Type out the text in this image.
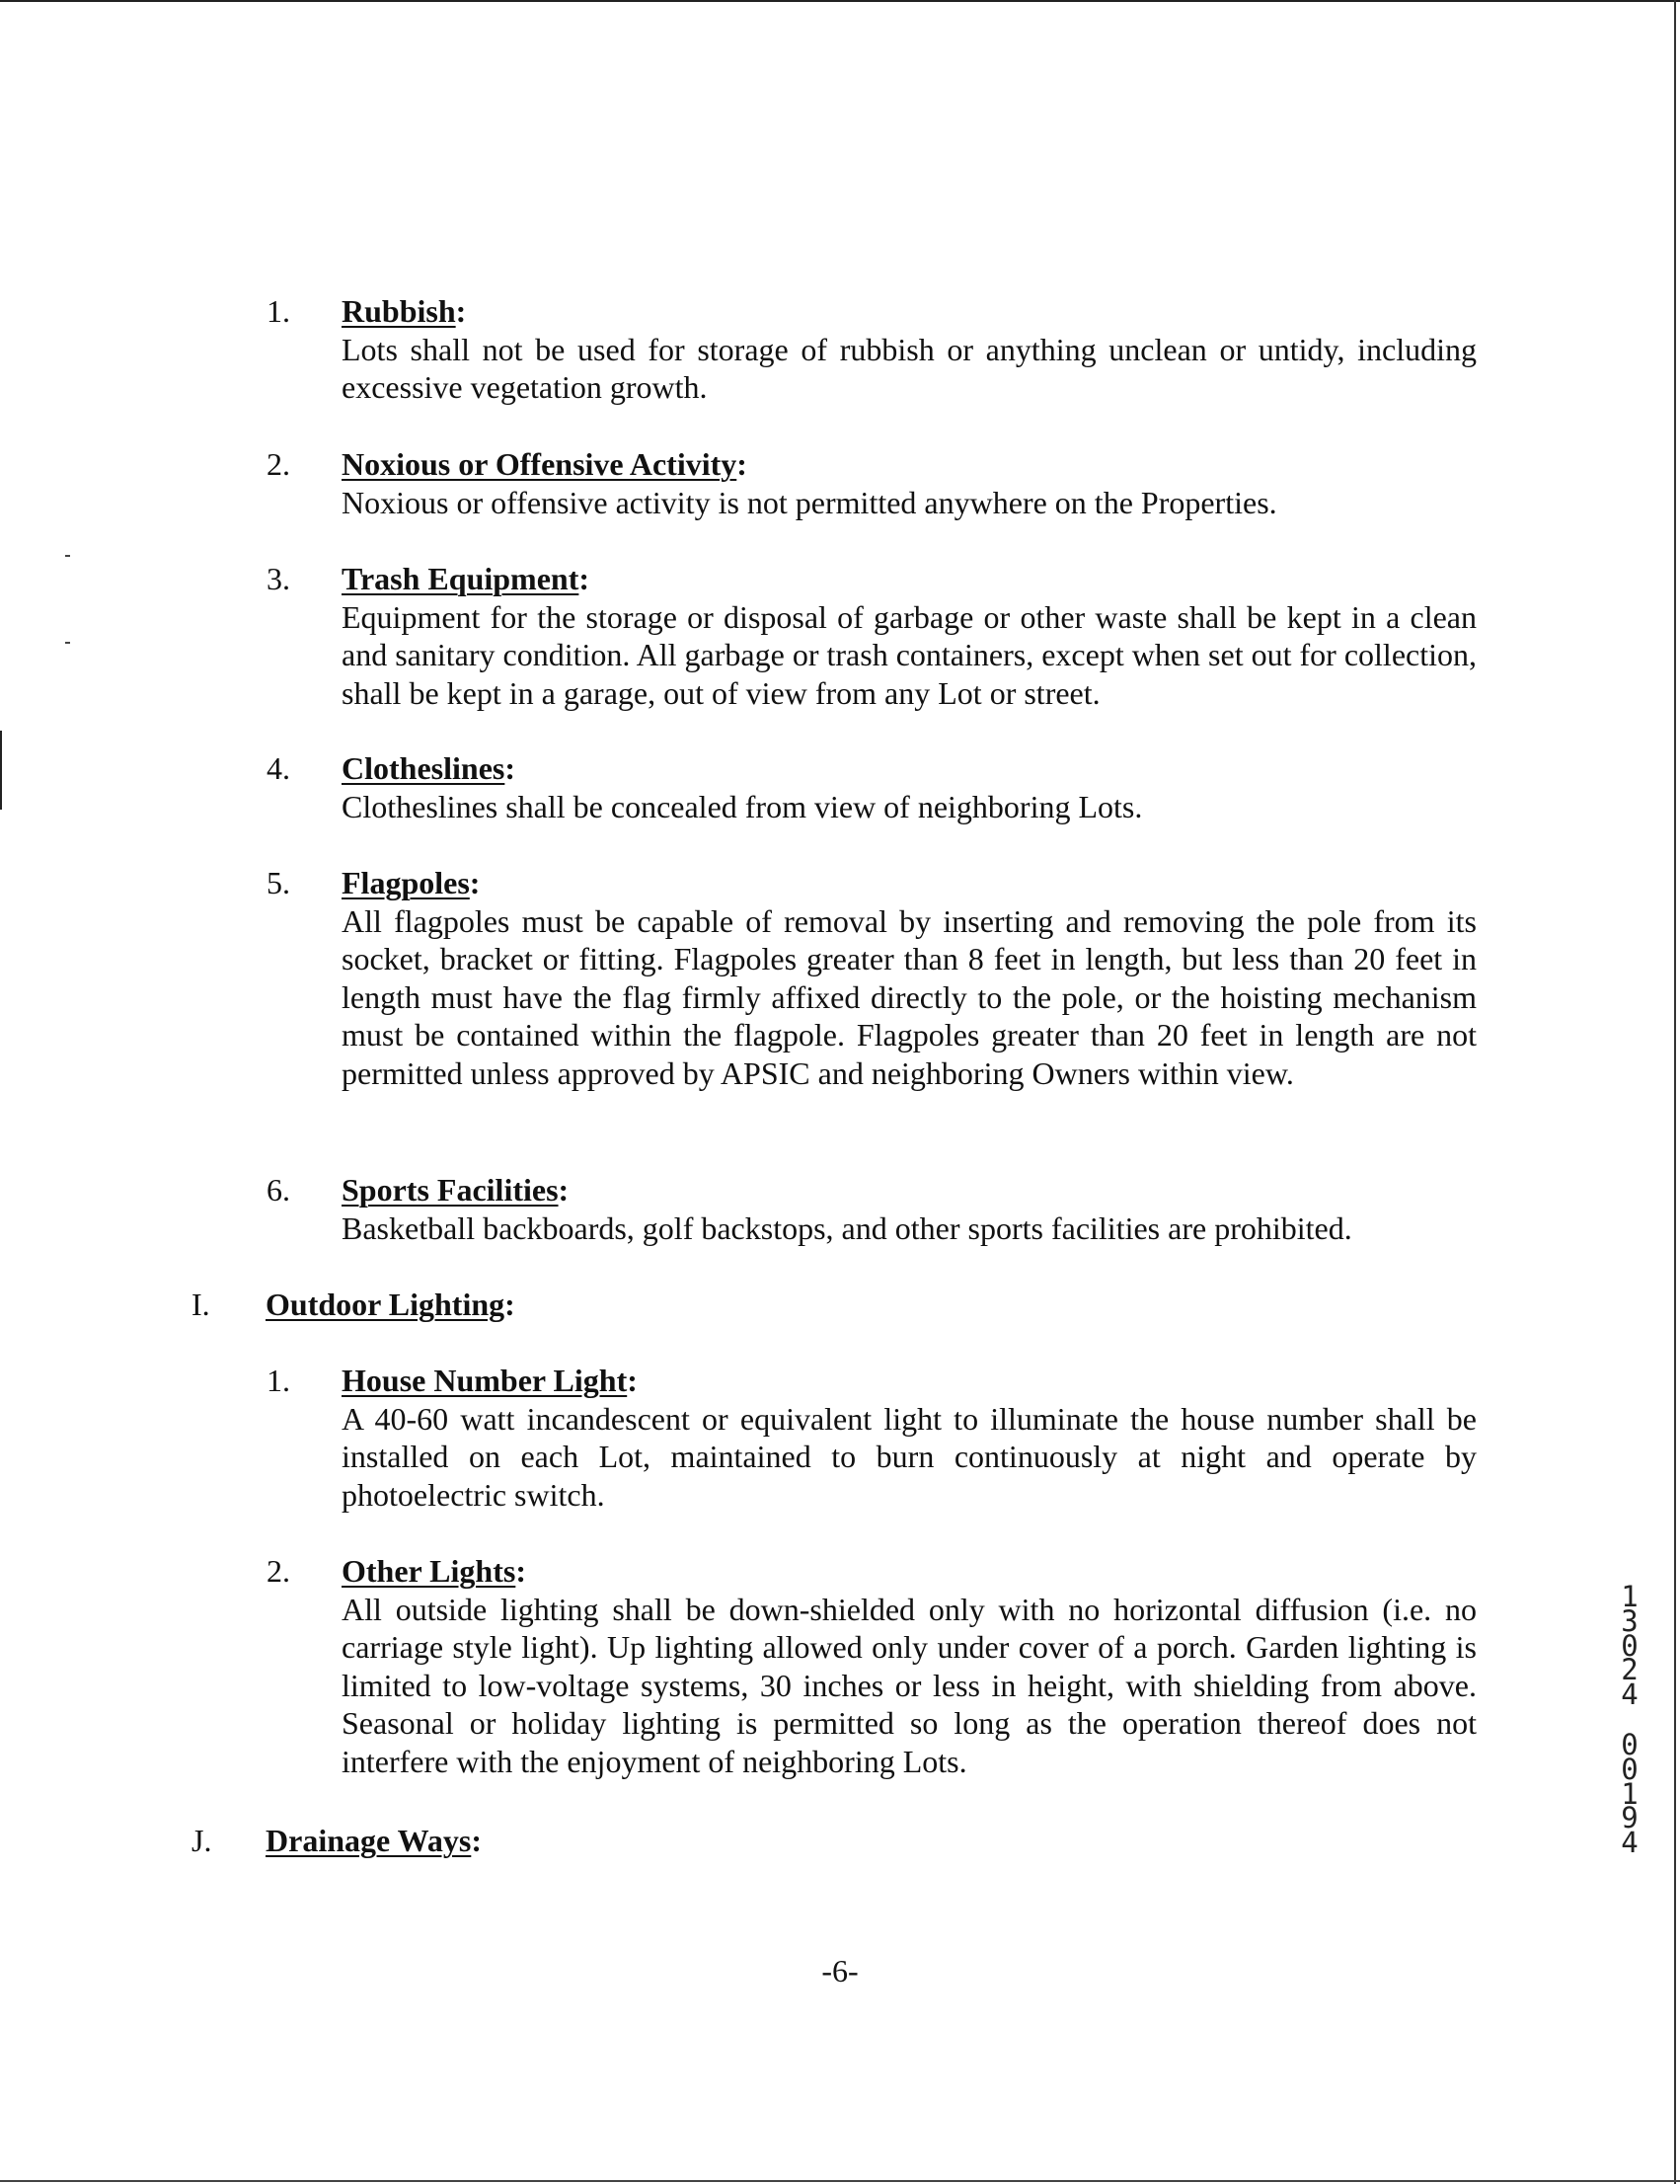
1. Rubbish:
Lots shall not be used for storage of rubbish or anything unclean or untidy, including excessive vegetation growth.
2. Noxious or Offensive Activity:
Noxious or offensive activity is not permitted anywhere on the Properties.
3. Trash Equipment:
Equipment for the storage or disposal of garbage or other waste shall be kept in a clean and sanitary condition. All garbage or trash containers, except when set out for collection, shall be kept in a garage, out of view from any Lot or street.
4. Clotheslines:
Clotheslines shall be concealed from view of neighboring Lots.
5. Flagpoles:
All flagpoles must be capable of removal by inserting and removing the pole from its socket, bracket or fitting. Flagpoles greater than 8 feet in length, but less than 20 feet in length must have the flag firmly affixed directly to the pole, or the hoisting mechanism must be contained within the flagpole. Flagpoles greater than 20 feet in length are not permitted unless approved by APSIC and neighboring Owners within view.
6. Sports Facilities:
Basketball backboards, golf backstops, and other sports facilities are prohibited.
I. Outdoor Lighting:
1. House Number Light:
A 40-60 watt incandescent or equivalent light to illuminate the house number shall be installed on each Lot, maintained to burn continuously at night and operate by photoelectric switch.
2. Other Lights:
All outside lighting shall be down-shielded only with no horizontal diffusion (i.e. no carriage style light). Up lighting allowed only under cover of a porch. Garden lighting is limited to low-voltage systems, 30 inches or less in height, with shielding from above. Seasonal or holiday lighting is permitted so long as the operation thereof does not interfere with the enjoyment of neighboring Lots.
J. Drainage Ways:
-6-
1
3
0
2
4
0
0
1
9
4
